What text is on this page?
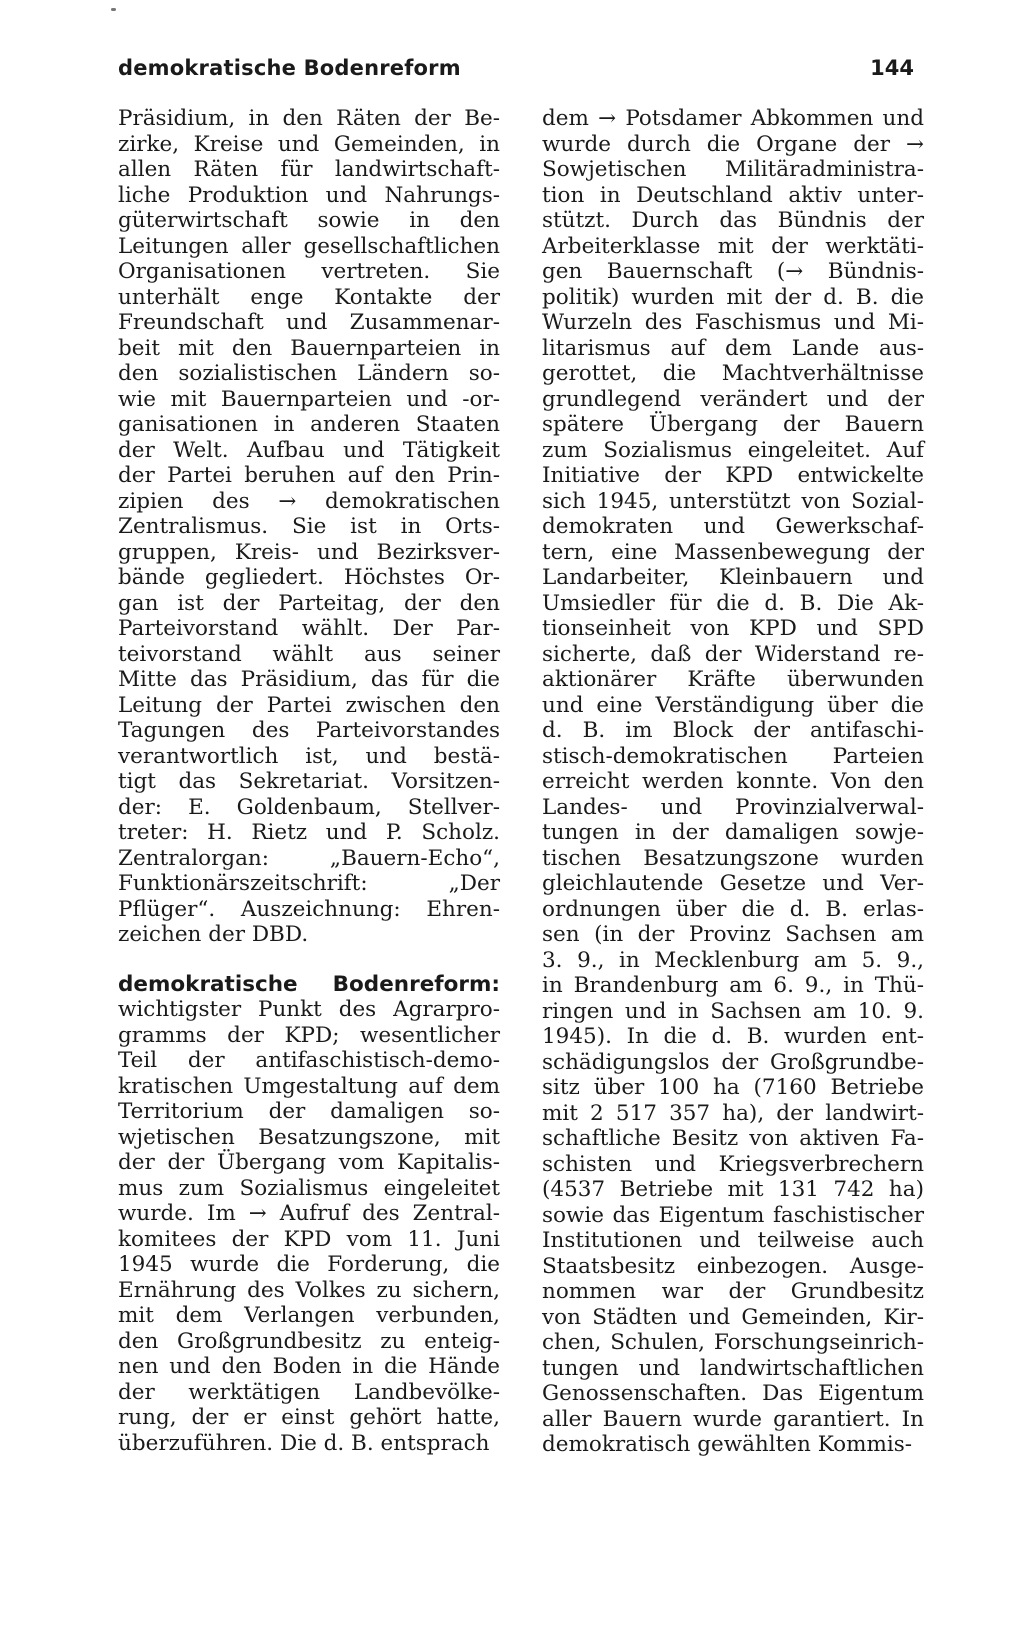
demokratische Bodenreform	144
Präsidium, in den Räten der Be-
zirke, Kreise und Gemeinden, in
allen Räten für landwirtschaft-
liche Produktion und Nahrungs-
güterwirtschaft sowie in den
Leitungen aller gesellschaftlichen
Organisationen vertreten. Sie
unterhält enge Kontakte der
Freundschaft und Zusammenar-
beit mit den Bauernparteien in
den sozialistischen Ländern so-
wie mit Bauernparteien und -or-
ganisationen in anderen Staaten
der Welt. Aufbau und Tätigkeit
der Partei beruhen auf den Prin-
zipien des → demokratischen
Zentralismus. Sie ist in Orts-
gruppen, Kreis- und Bezirksver-
bände gegliedert. Höchstes Or-
gan ist der Parteitag, der den
Parteivorstand wählt. Der Par-
teivorstand wählt aus seiner
Mitte das Präsidium, das für die
Leitung der Partei zwischen den
Tagungen des Parteivorstandes
verantwortlich ist, und bestä-
tigt das Sekretariat. Vorsitzen-
der: E. Goldenbaum, Stellver-
treter: H. Rietz und P. Scholz.
Zentralorgan: „Bauern-Echo“,
Funktionärszeitschrift: „Der
Pflüger“. Auszeichnung: Ehren-
zeichen der DBD.
demokratische Bodenreform:
wichtigster Punkt des Agrarpro-
gramms der KPD; wesentlicher
Teil der antifaschistisch-demo-
kratischen Umgestaltung auf dem
Territorium der damaligen so-
wjetischen Besatzungszone, mit
der der Übergang vom Kapitalis-
mus zum Sozialismus eingeleitet
wurde. Im → Aufruf des Zentral-
komitees der KPD vom 11. Juni
1945 wurde die Forderung, die
Ernährung des Volkes zu sichern,
mit dem Verlangen verbunden,
den Großgrundbesitz zu enteig-
nen und den Boden in die Hände
der werktätigen Landbevölke-
rung, der er einst gehört hatte,
überzuführen. Die d. B. entsprach
dem → Potsdamer Abkommen und
wurde durch die Organe der →
Sowjetischen Militäradministra-
tion in Deutschland aktiv unter-
stützt. Durch das Bündnis der
Arbeiterklasse mit der werktäti-
gen Bauernschaft (→ Bündnis-
politik) wurden mit der d. B. die
Wurzeln des Faschismus und Mi-
litarismus auf dem Lande aus-
gerottet, die Machtverhältnisse
grundlegend verändert und der
spätere Übergang der Bauern
zum Sozialismus eingeleitet. Auf
Initiative der KPD entwickelte
sich 1945, unterstützt von Sozial-
demokraten und Gewerkschaf-
tern, eine Massenbewegung der
Landarbeiter, Kleinbauern und
Umsiedler für die d. B. Die Ak-
tionseinheit von KPD und SPD
sicherte, daß der Widerstand re-
aktionärer Kräfte überwunden
und eine Verständigung über die
d. B. im Block der antifaschi-
stisch-demokratischen Parteien
erreicht werden konnte. Von den
Landes- und Provinzialverwal-
tungen in der damaligen sowje-
tischen Besatzungszone wurden
gleichlautende Gesetze und Ver-
ordnungen über die d. B. erlas-
sen (in der Provinz Sachsen am
3. 9., in Mecklenburg am 5. 9.,
in Brandenburg am 6. 9., in Thü-
ringen und in Sachsen am 10. 9.
1945). In die d. B. wurden ent-
schädigungslos der Großgrundbe-
sitz über 100 ha (7160 Betriebe
mit 2 517 357 ha), der landwirt-
schaftliche Besitz von aktiven Fa-
schisten und Kriegsverbrechern
(4537 Betriebe mit 131 742 ha)
sowie das Eigentum faschistischer
Institutionen und teilweise auch
Staatsbesitz einbezogen. Ausge-
nommen war der Grundbesitz
von Städten und Gemeinden, Kir-
chen, Schulen, Forschungseinrich-
tungen und landwirtschaftlichen
Genossenschaften. Das Eigentum
aller Bauern wurde garantiert. In
demokratisch gewählten Kommis-
